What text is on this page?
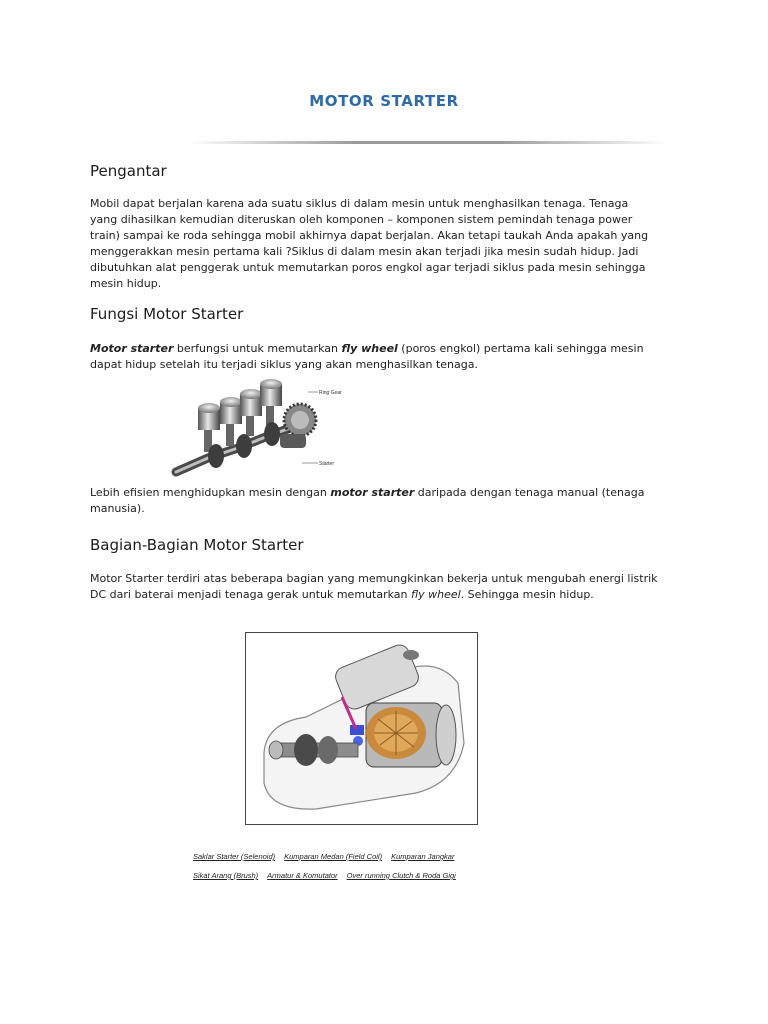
MOTOR STARTER
Pengantar

Mobil dapat berjalan karena ada suatu siklus di dalam mesin untuk menghasilkan tenaga. Tenaga
yang dihasilkan kemudian diteruskan oleh komponen – komponen sistem pemindah tenaga power
train) sampai ke roda sehingga mobil akhirnya dapat berjalan. Akan tetapi taukah Anda apakah yang
menggerakkan mesin pertama kali ?Siklus di dalam mesin akan terjadi jika mesin sudah hidup. Jadi
dibutuhkan alat penggerak untuk memutarkan poros engkol agar terjadi siklus pada mesin sehingga
mesin hidup.

Fungsi Motor Starter

Motor starter berfungsi untuk memutarkan fly wheel (poros engkol) pertama kali sehingga mesin
dapat hidup setelah itu terjadi siklus yang akan menghasilkan tenaga.

Ring Gear
Starter

Lebih efisien menghidupkan mesin dengan motor starter daripada dengan tenaga manual (tenaga
manusia).

Bagian-Bagian Motor Starter

Motor Starter terdiri atas beberapa bagian yang memungkinkan bekerja untuk mengubah energi listrik
DC dari baterai menjadi tenaga gerak untuk memutarkan fly wheel. Sehingga mesin hidup.

Saklar Starter (Selenoid) Kumparan Medan (Field Coil) Kumparan Jangkar
Sikat Arang (Brush) Armatur & Komutator Over running Clutch & Roda Gigi
